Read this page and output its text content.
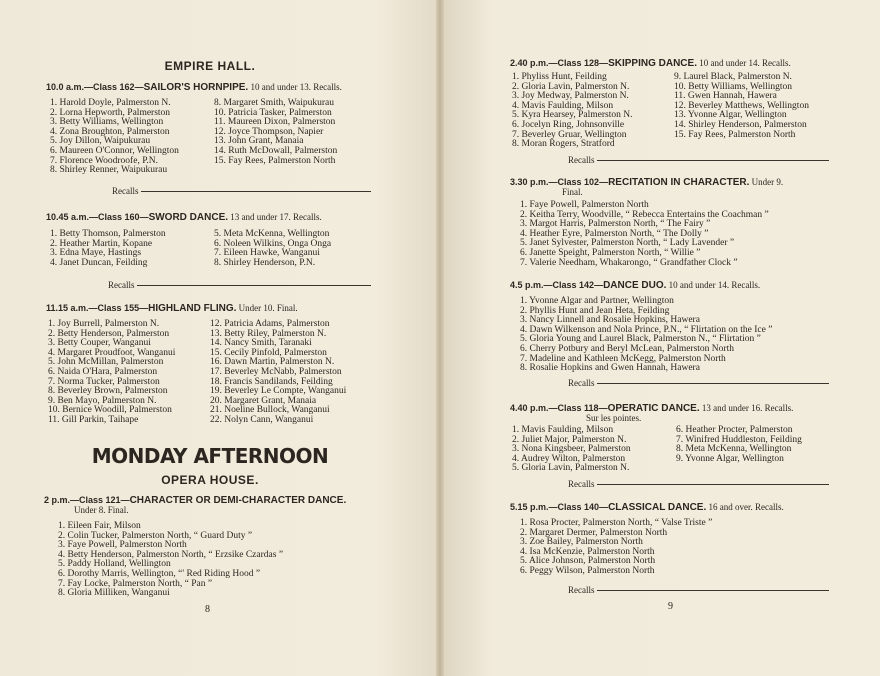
EMPIRE HALL.
10.0 a.m.—Class 162—SAILOR'S HORNPIPE. 10 and under 13. Recalls.
1. Harold Doyle, Palmerston N.
2. Lorna Hepworth, Palmerston
3. Betty Williams, Wellington
4. Zona Broughton, Palmerston
5. Joy Dillon, Waipukurau
6. Maureen O'Connor, Wellington
7. Florence Woodroofe, P.N.
8. Shirley Renner, Waipukurau
8. Margaret Smith, Waipukurau
10. Patricia Tasker, Palmerston
11. Maureen Dixon, Palmerston
12. Joyce Thompson, Napier
13. John Grant, Manaia
14. Ruth McDowall, Palmerston
15. Fay Rees, Palmerston North
Recalls
10.45 a.m.—Class 160—SWORD DANCE. 13 and under 17. Recalls.
1. Betty Thomson, Palmerston
2. Heather Martin, Kopane
3. Edna Maye, Hastings
4. Janet Duncan, Feilding
5. Meta McKenna, Wellington
6. Noleen Wilkins, Onga Onga
7. Eileen Hawke, Wanganui
8. Shirley Henderson, P.N.
Recalls
11.15 a.m.—Class 155—HIGHLAND FLING. Under 10. Final.
1. Joy Burrell, Palmerston N.
2. Betty Henderson, Palmerston
3. Betty Couper, Wanganui
4. Margaret Proudfoot, Wanganui
5. John McMillan, Palmerston
6. Naida O'Hara, Palmerston
7. Norma Tucker, Palmerston
8. Beverley Brown, Palmerston
9. Ben Mayo, Palmerston N.
10. Bernice Woodill, Palmerston
11. Gill Parkin, Taihape
12. Patricia Adams, Palmerston
13. Betty Riley, Palmerston N.
14. Nancy Smith, Taranaki
15. Cecily Pinfold, Palmerston
16. Dawn Martin, Palmerston N.
17. Beverley McNabb, Palmerston
18. Francis Sandilands, Feilding
19. Beverley Le Compte, Wanganui
20. Margaret Grant, Manaia
21. Noeline Bullock, Wanganui
22. Nolyn Cann, Wanganui
MONDAY AFTERNOON
OPERA HOUSE.
2 p.m.—Class 121—CHARACTER OR DEMI-CHARACTER DANCE.
Under 8. Final.
1. Eileen Fair, Milson
2. Colin Tucker, Palmerston North, “ Guard Duty ”
3. Faye Powell, Palmerston North
4. Betty Henderson, Palmerston North, “ Erzsike Czardas ”
5. Paddy Holland, Wellington
6. Dorothy Marris, Wellington, “' Red Riding Hood ”
7. Fay Locke, Palmerston North, “ Pan ”
8. Gloria Milliken, Wanganui
8
2.40 p.m.—Class 128—SKIPPING DANCE. 10 and under 14. Recalls.
1. Phyliss Hunt, Feilding
2. Gloria Lavin, Palmerston N.
3. Joy Medway, Palmerston N.
4. Mavis Faulding, Milson
5. Kyra Hearsey, Palmerston N.
6. Jocelyn Ring, Johnsonville
7. Beverley Gruar, Wellington
8. Moran Rogers, Stratford
9. Laurel Black, Palmerston N.
10. Betty Williams, Wellington
11. Gwen Hannah, Hawera
12. Beverley Matthews, Wellington
13. Yvonne Algar, Wellington
14. Shirley Henderson, Palmerston
15. Fay Rees, Palmerston North
Recalls
3.30 p.m.—Class 102—RECITATION IN CHARACTER. Under 9.
Final.
1. Faye Powell, Palmerston North
2. Keitha Terry, Woodville, “ Rebecca Entertains the Coachman ”
3. Margot Harris, Palmerston North, “ The Fairy ”
4. Heather Eyre, Palmerston North, “ The Dolly ”
5. Janet Sylvester, Palmerston North, “ Lady Lavender ”
6. Janette Speight, Palmerston North, “ Willie ”
7. Valerie Needham, Whakarongo, “ Grandfather Clock ”
4.5 p.m.—Class 142—DANCE DUO. 10 and under 14. Recalls.
1. Yvonne Algar and Partner, Wellington
2. Phyllis Hunt and Jean Heta, Feilding
3. Nancy Linnell and Rosalie Hopkins, Hawera
4. Dawn Wilkenson and Nola Prince, P.N., “ Flirtation on the Ice ”
5. Gloria Young and Laurel Black, Palmerston N., “ Flirtation ”
6. Cherry Potbury and Beryl McLean, Palmerston North
7. Madeline and Kathleen McKegg, Palmerston North
8. Rosalie Hopkins and Gwen Hannah, Hawera
Recalls
4.40 p.m.—Class 118—OPERATIC DANCE. 13 and under 16. Recalls.
Sur les pointes.
1. Mavis Faulding, Milson
2. Juliet Major, Palmerston N.
3. Nona Kingsbeer, Palmerston
4. Audrey Wilton, Palmerston
5. Gloria Lavin, Palmerston N.
6. Heather Procter, Palmerston
7. Winifred Huddleston, Feilding
8. Meta McKenna, Wellington
9. Yvonne Algar, Wellington
Recalls
5.15 p.m.—Class 140—CLASSICAL DANCE. 16 and over. Recalls.
1. Rosa Procter, Palmerston North, “ Valse Triste ”
2. Margaret Dermer, Palmerston North
3. Zoe Bailey, Palmerston North
4. Isa McKenzie, Palmerston North
5. Alice Johnson, Palmerston North
6. Peggy Wilson, Palmerston North
Recalls
9
